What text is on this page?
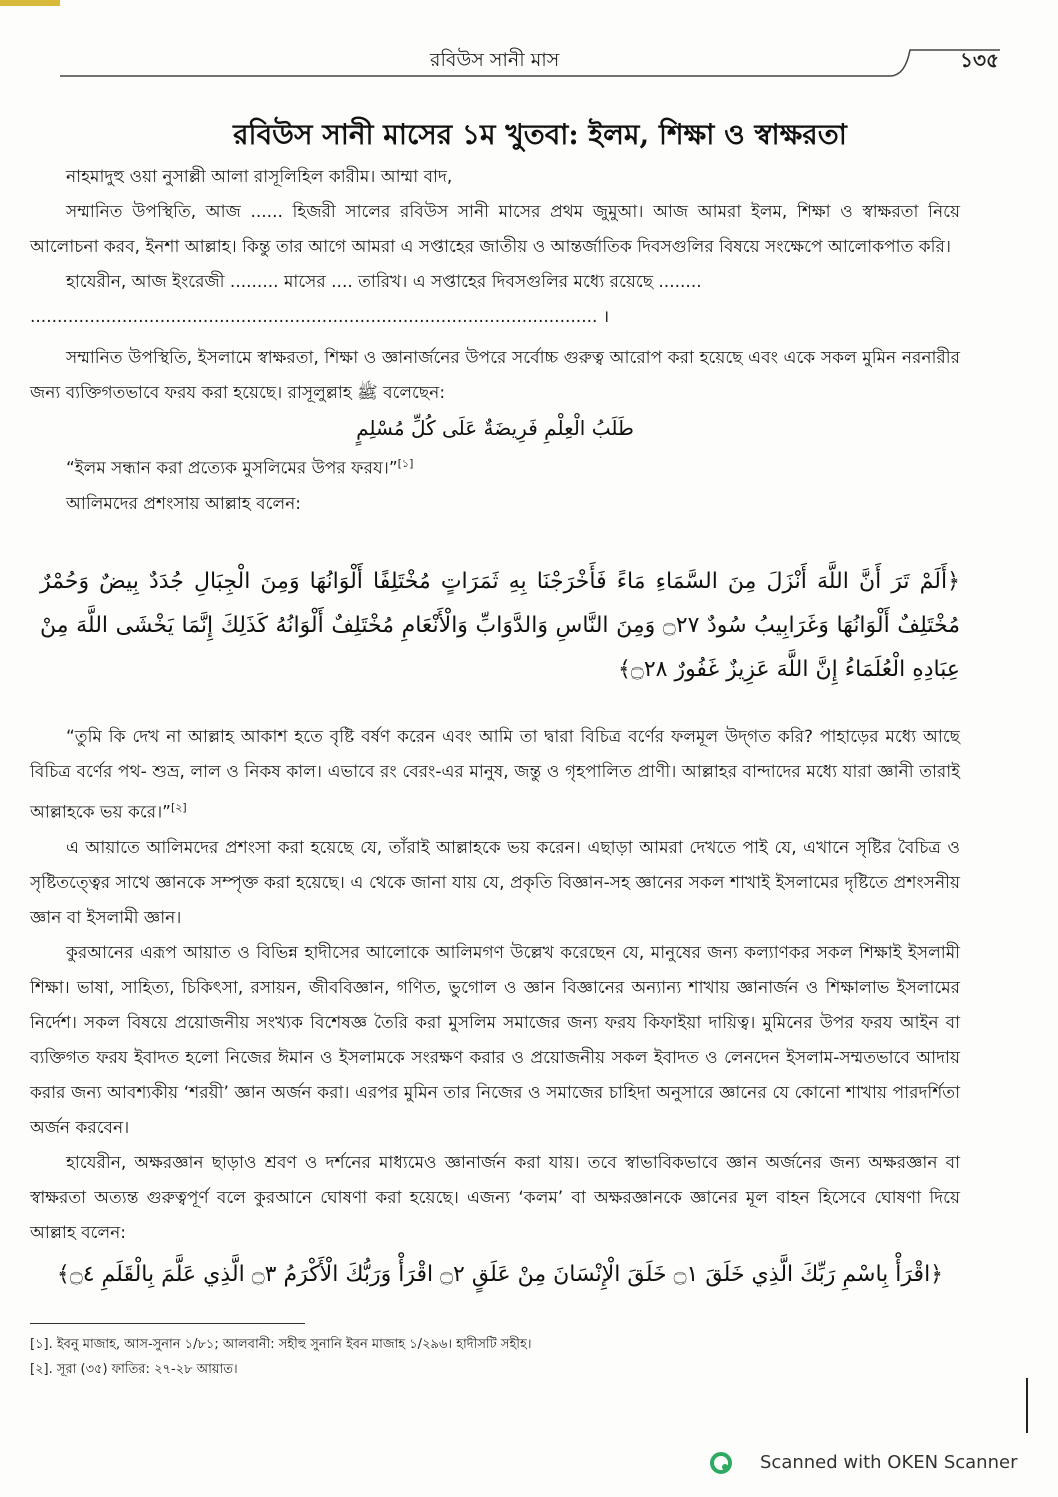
রবিউস সানী মাস	১৩৫
রবিউস সানী মাসের ১ম খুতবা: ইলম, শিক্ষা ও স্বাক্ষরতা

নাহমাদুহু ওয়া নুসাল্লী আলা রাসূলিহিল কারীম। আম্মা বাদ,

সম্মানিত উপস্থিতি, আজ ...... হিজরী সালের রবিউস সানী মাসের প্রথম জুমুআ। আজ আমরা ইলম, শিক্ষা ও স্বাক্ষরতা নিয়ে আলোচনা করব, ইনশা আল্লাহ। কিন্তু তার আগে আমরা এ সপ্তাহের জাতীয় ও আন্তর্জাতিক দিবসগুলির বিষয়ে সংক্ষেপে আলোকপাত করি।

হাযেরীন, আজ ইংরেজী ......... মাসের .... তারিখ। এ সপ্তাহের দিবসগুলির মধ্যে রয়েছে ........

......................................................................................................... ।

সম্মানিত উপস্থিতি, ইসলামে স্বাক্ষরতা, শিক্ষা ও জ্ঞানার্জনের উপরে সর্বোচ্চ গুরুত্ব আরোপ করা হয়েছে এবং একে সকল মুমিন নরনারীর জন্য ব্যক্তিগতভাবে ফরয করা হয়েছে। রাসূলুল্লাহ ﷺ বলেছেন:

طَلَبُ الْعِلْمِ فَرِيضَةٌ عَلَى كُلِّ مُسْلِمٍ

“ইলম সন্ধান করা প্রত্যেক মুসলিমের উপর ফরয।”[১]

আলিমদের প্রশংসায় আল্লাহ বলেন:

﴿أَلَمْ تَرَ أَنَّ اللَّهَ أَنْزَلَ مِنَ السَّمَاءِ مَاءً فَأَخْرَجْنَا بِهِ ثَمَرَاتٍ مُخْتَلِفًا أَلْوَانُهَا وَمِنَ الْجِبَالِ جُدَدٌ بِيضٌ وَحُمْرٌ مُخْتَلِفٌ أَلْوَانُهَا وَغَرَابِيبُ سُودٌ ۝٢٧ وَمِنَ النَّاسِ وَالدَّوَابِّ وَالْأَنْعَامِ مُخْتَلِفٌ أَلْوَانُهُ كَذَلِكَ إِنَّمَا يَخْشَى اللَّهَ مِنْ عِبَادِهِ الْعُلَمَاءُ إِنَّ اللَّهَ عَزِيزٌ غَفُورٌ ۝٢٨﴾

“তুমি কি দেখ না আল্লাহ আকাশ হতে বৃষ্টি বর্ষণ করেন এবং আমি তা দ্বারা বিচিত্র বর্ণের ফলমূল উদ্‌গত করি? পাহাড়ের মধ্যে আছে বিচিত্র বর্ণের পথ- শুভ্র, লাল ও নিকষ কাল। এভাবে রং বেরং-এর মানুষ, জন্তু ও গৃহপালিত প্রাণী। আল্লাহর বান্দাদের মধ্যে যারা জ্ঞানী তারাই আল্লাহকে ভয় করে।”[২]

এ আয়াতে আলিমদের প্রশংসা করা হয়েছে যে, তাঁরাই আল্লাহকে ভয় করেন। এছাড়া আমরা দেখতে পাই যে, এখানে সৃষ্টির বৈচিত্র ও সৃষ্টিতত্ত্বের সাথে জ্ঞানকে সম্পৃক্ত করা হয়েছে। এ থেকে জানা যায় যে, প্রকৃতি বিজ্ঞান-সহ জ্ঞানের সকল শাখাই ইসলামের দৃষ্টিতে প্রশংসনীয় জ্ঞান বা ইসলামী জ্ঞান।

কুরআনের এরূপ আয়াত ও বিভিন্ন হাদীসের আলোকে আলিমগণ উল্লেখ করেছেন যে, মানুষের জন্য কল্যাণকর সকল শিক্ষাই ইসলামী শিক্ষা। ভাষা, সাহিত্য, চিকিৎসা, রসায়ন, জীববিজ্ঞান, গণিত, ভুগোল ও জ্ঞান বিজ্ঞানের অন্যান্য শাখায় জ্ঞানার্জন ও শিক্ষালাভ ইসলামের নির্দেশ। সকল বিষয়ে প্রয়োজনীয় সংখ্যক বিশেষজ্ঞ তৈরি করা মুসলিম সমাজের জন্য ফরয কিফাইয়া দায়িত্ব। মুমিনের উপর ফরয আইন বা ব্যক্তিগত ফরয ইবাদত হলো নিজের ঈমান ও ইসলামকে সংরক্ষণ করার ও প্রয়োজনীয় সকল ইবাদত ও লেনদেন ইসলাম-সম্মতভাবে আদায় করার জন্য আবশ্যকীয় ‘শরয়ী’ জ্ঞান অর্জন করা। এরপর মুমিন তার নিজের ও সমাজের চাহিদা অনুসারে জ্ঞানের যে কোনো শাখায় পারদর্শিতা অর্জন করবেন।

হাযেরীন, অক্ষরজ্ঞান ছাড়াও শ্রবণ ও দর্শনের মাধ্যমেও জ্ঞানার্জন করা যায়। তবে স্বাভাবিকভাবে জ্ঞান অর্জনের জন্য অক্ষরজ্ঞান বা স্বাক্ষরতা অত্যন্ত গুরুত্বপূর্ণ বলে কুরআনে ঘোষণা করা হয়েছে। এজন্য ‘কলম’ বা অক্ষরজ্ঞানকে জ্ঞানের মূল বাহন হিসেবে ঘোষণা দিয়ে আল্লাহ বলেন:

﴿اقْرَأْ بِاسْمِ رَبِّكَ الَّذِي خَلَقَ ۝١ خَلَقَ الْإِنْسَانَ مِنْ عَلَقٍ ۝٢ اقْرَأْ وَرَبُّكَ الْأَكْرَمُ ۝٣ الَّذِي عَلَّمَ بِالْقَلَمِ ۝٤﴾
[১]. ইবনু মাজাহ, আস-সুনান ১/৮১; আলবানী: সহীহু সুনানি ইবন মাজাহ ১/২৯৬। হাদীসটি সহীহ।
[২]. সূরা (৩৫) ফাতির: ২৭-২৮ আয়াত।
Scanned with OKEN Scanner
